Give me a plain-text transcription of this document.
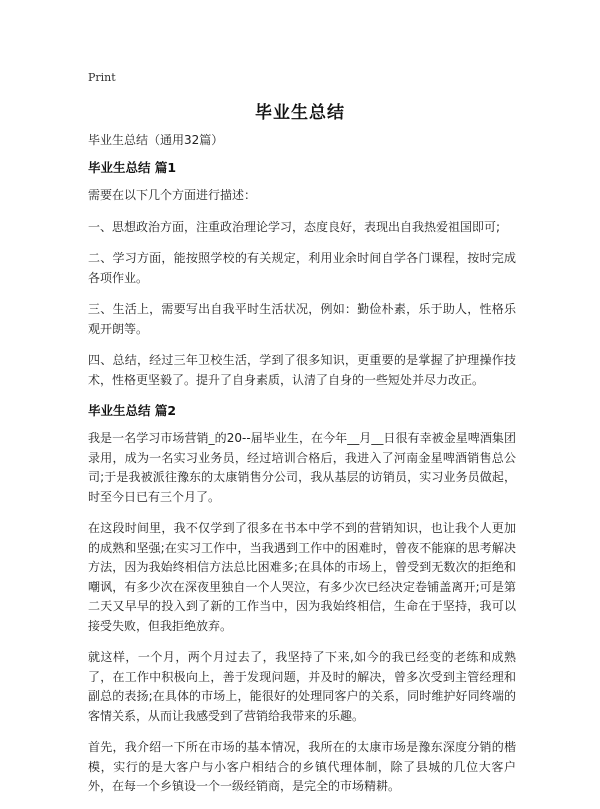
Print
毕业生总结
毕业生总结（通用32篇）
毕业生总结 篇1

需要在以下几个方面进行描述：

一、思想政治方面，注重政治理论学习，态度良好，表现出自我热爱祖国即可;

二、学习方面，能按照学校的有关规定，利用业余时间自学各门课程，按时完成各项作业。

三、生活上，需要写出自我平时生活状况，例如：勤俭朴素，乐于助人，性格乐观开朗等。

四、总结，经过三年卫校生活，学到了很多知识，更重要的是掌握了护理操作技术，性格更坚毅了。提升了自身素质，认清了自身的一些短处并尽力改正。

毕业生总结 篇2

我是一名学习市场营销_的20--届毕业生，在今年__月__日很有幸被金星啤酒集团录用，成为一名实习业务员，经过培训合格后，我进入了河南金星啤酒销售总公司;于是我被派往豫东的太康销售分公司，我从基层的访销员，实习业务员做起，时至今日已有三个月了。

在这段时间里，我不仅学到了很多在书本中学不到的营销知识，也让我个人更加的成熟和坚强;在实习工作中，当我遇到工作中的困难时，曾夜不能寐的思考解决方法，因为我始终相信方法总比困难多;在具体的市场上，曾受到无数次的拒绝和嘲讽，有多少次在深夜里独自一个人哭泣，有多少次已经决定卷铺盖离开;可是第二天又早早的投入到了新的工作当中，因为我始终相信，生命在于坚持，我可以接受失败，但我拒绝放弃。

就这样，一个月，两个月过去了，我坚持了下来,如今的我已经变的老练和成熟了，在工作中积极向上，善于发现问题，并及时的解决，曾多次受到主管经理和副总的表扬;在具体的市场上，能很好的处理同客户的关系，同时维护好同终端的客情关系，从而让我感受到了营销给我带来的乐趣。

首先，我介绍一下所在市场的基本情况，我所在的太康市场是豫东深度分销的楷模，实行的是大客户与小客户相结合的乡镇代理体制，除了县城的几位大客户外，在每一个乡镇设一个一级经销商，是完全的市场精耕。
